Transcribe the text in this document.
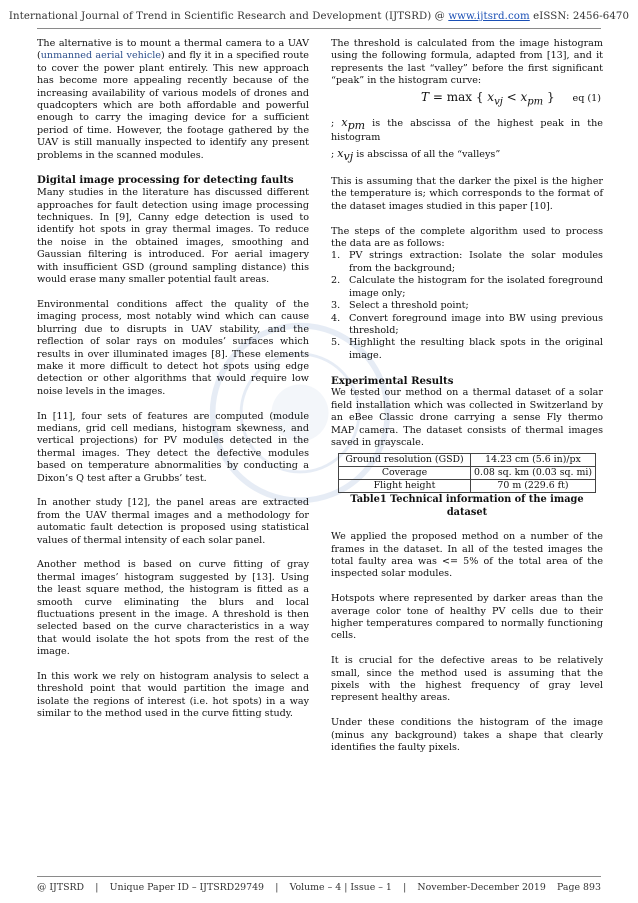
International Journal of Trend in Scientific Research and Development (IJTSRD) @ www.ijtsrd.com eISSN: 2456-6470

The alternative is to mount a thermal camera to a UAV (unmanned aerial vehicle) and fly it in a specified route to cover the power plant entirely. This new approach has become more appealing recently because of the increasing availability of various models of drones and quadcopters which are both affordable and powerful enough to carry the imaging device for a sufficient period of time. However, the footage gathered by the UAV is still manually inspected to identify any present problems in the scanned modules.

Digital image processing for detecting faults

Many studies in the literature has discussed different approaches for fault detection using image processing techniques. In [9], Canny edge detection is used to identify hot spots in gray thermal images. To reduce the noise in the obtained images, smoothing and Gaussian filtering is introduced. For aerial imagery with insufficient GSD (ground sampling distance) this would erase many smaller potential fault areas.

Environmental conditions affect the quality of the imaging process, most notably wind which can cause blurring due to disrupts in UAV stability, and the reflection of solar rays on modules’ surfaces which results in over illuminated images [8]. These elements make it more difficult to detect hot spots using edge detection or other algorithms that would require low noise levels in the images.

In [11], four sets of features are computed (module medians, grid cell medians, histogram skewness, and vertical projections) for PV modules detected in the thermal images. They detect the defective modules based on temperature abnormalities by conducting a Dixon’s Q test after a Grubbs’ test.

In another study [12], the panel areas are extracted from the UAV thermal images and a methodology for automatic fault detection is proposed using statistical values of thermal intensity of each solar panel.

Another method is based on curve fitting of gray thermal images’ histogram suggested by [13]. Using the least square method, the histogram is fitted as a smooth curve eliminating the blurs and local fluctuations present in the image. A threshold is then selected based on the curve characteristics in a way that would isolate the hot spots from the rest of the image.

In this work we rely on histogram analysis to select a threshold point that would partition the image and isolate the regions of interest (i.e. hot spots) in a way similar to the method used in the curve fitting study.

The threshold is calculated from the image histogram using the following formula, adapted from [13], and it represents the last “valley” before the first significant “peak” in the histogram curve:

T = max { $x_{vj} < x_{pm}$ } eq (1)
; $x_{pm}$ is the abscissa of the highest peak in the histogram
; $x_{vj}$ is abscissa of all the “valleys”

This is assuming that the darker the pixel is the higher the temperature is; which corresponds to the format of the dataset images studied in this paper [10].

The steps of the complete algorithm used to process the data are as follows:

1. PV strings extraction: Isolate the solar modules from the background;
2. Calculate the histogram for the isolated foreground image only;
3. Select a threshold point;
4. Convert foreground image into BW using previous threshold;
5. Highlight the resulting black spots in the original image.
Experimental Results

We tested our method on a thermal dataset of a solar field installation which was collected in Switzerland by an eBee Classic drone carrying a sense Fly thermo MAP camera. The dataset consists of thermal images saved in grayscale.

Ground resolution (GSD)	14.23 cm (5.6 in)/px
Coverage	0.08 sq. km (0.03 sq. mi)
Flight height	70 m (229.6 ft)
Table1 Technical information of the image dataset

We applied the proposed method on a number of the frames in the dataset. In all of the tested images the total faulty area was <= 5% of the total area of the inspected solar modules.

Hotspots where represented by darker areas than the average color tone of healthy PV cells due to their higher temperatures compared to normally functioning cells.

It is crucial for the defective areas to be relatively small, since the method used is assuming that the pixels with the highest frequency of gray level represent healthy areas.

Under these conditions the histogram of the image (minus any background) takes a shape that clearly identifies the faulty pixels.

@ IJTSRD | Unique Paper ID – IJTSRD29749 | Volume – 4 | Issue – 1 | November-December 2019 Page 893
